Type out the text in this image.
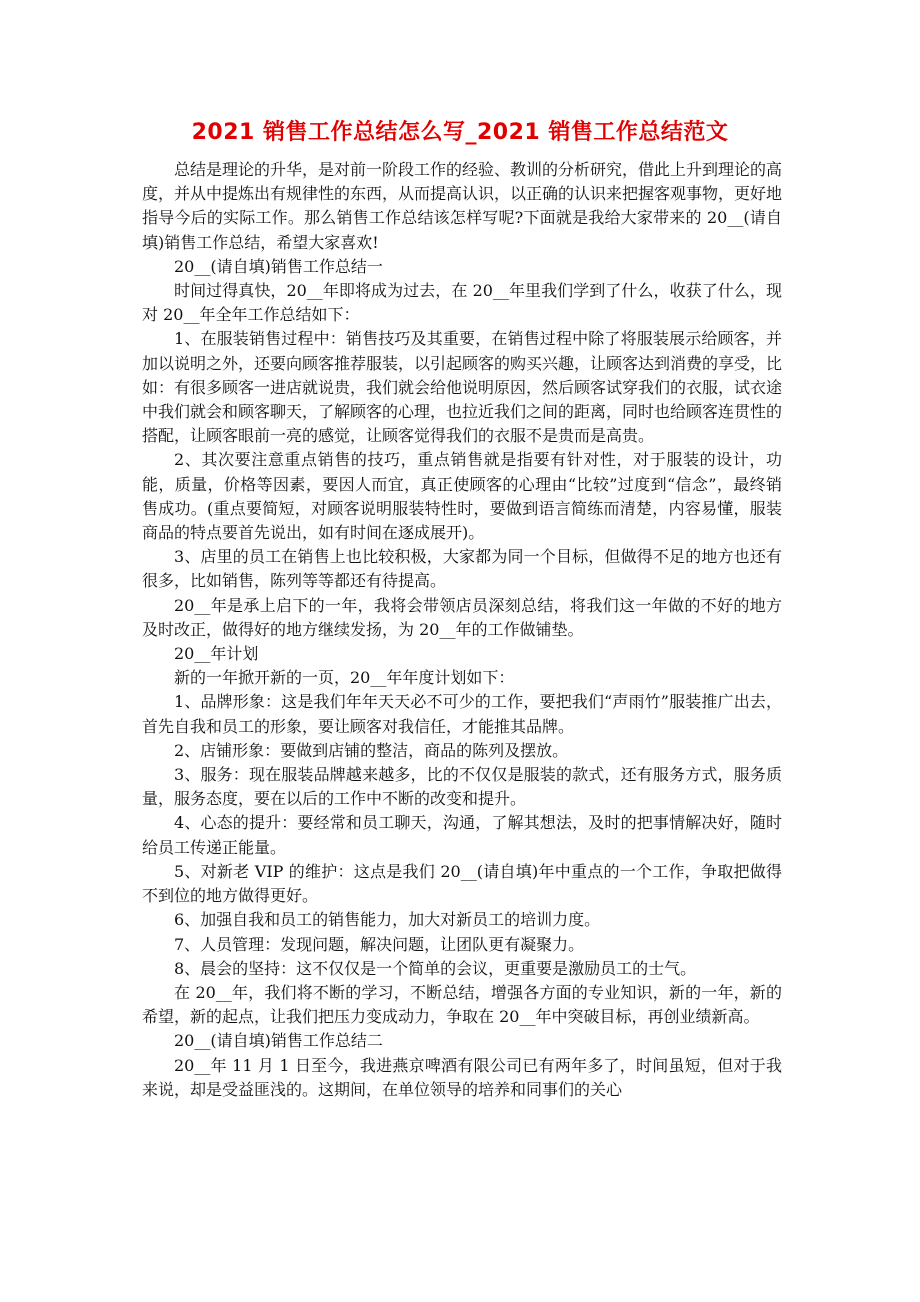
2021 销售工作总结怎么写_2021 销售工作总结范文

总结是理论的升华，是对前一阶段工作的经验、教训的分析研究，借此上升到理论的高度，并从中提炼出有规律性的东西，从而提高认识，以正确的认识来把握客观事物，更好地指导今后的实际工作。那么销售工作总结该怎样写呢?下面就是我给大家带来的 20__(请自填)销售工作总结，希望大家喜欢!

20__(请自填)销售工作总结一

时间过得真快，20__年即将成为过去，在 20__年里我们学到了什么，收获了什么，现对 20__年全年工作总结如下：

1、在服装销售过程中：销售技巧及其重要，在销售过程中除了将服装展示给顾客，并加以说明之外，还要向顾客推荐服装，以引起顾客的购买兴趣，让顾客达到消费的享受，比如：有很多顾客一进店就说贵，我们就会给他说明原因，然后顾客试穿我们的衣服，试衣途中我们就会和顾客聊天，了解顾客的心理，也拉近我们之间的距离，同时也给顾客连贯性的搭配，让顾客眼前一亮的感觉，让顾客觉得我们的衣服不是贵而是高贵。

2、其次要注意重点销售的技巧，重点销售就是指要有针对性，对于服装的设计，功能，质量，价格等因素，要因人而宜，真正使顾客的心理由“比较”过度到“信念”，最终销售成功。(重点要简短，对顾客说明服装特性时，要做到语言简练而清楚，内容易懂，服装商品的特点要首先说出，如有时间在逐成展开)。

3、店里的员工在销售上也比较积极，大家都为同一个目标，但做得不足的地方也还有很多，比如销售，陈列等等都还有待提高。

20__年是承上启下的一年，我将会带领店员深刻总结，将我们这一年做的不好的地方及时改正，做得好的地方继续发扬，为 20__年的工作做铺垫。

20__年计划

新的一年掀开新的一页，20__年年度计划如下：

1、品牌形象：这是我们年年天天必不可少的工作，要把我们“声雨竹”服装推广出去，首先自我和员工的形象，要让顾客对我信任，才能推其品牌。

2、店铺形象：要做到店铺的整洁，商品的陈列及摆放。

3、服务：现在服装品牌越来越多，比的不仅仅是服装的款式，还有服务方式，服务质量，服务态度，要在以后的工作中不断的改变和提升。

4、心态的提升：要经常和员工聊天，沟通，了解其想法，及时的把事情解决好，随时给员工传递正能量。

5、对新老 VIP 的维护：这点是我们 20__(请自填)年中重点的一个工作，争取把做得不到位的地方做得更好。

6、加强自我和员工的销售能力，加大对新员工的培训力度。

7、人员管理：发现问题，解决问题，让团队更有凝聚力。

8、晨会的坚持：这不仅仅是一个简单的会议，更重要是激励员工的士气。

在 20__年，我们将不断的学习，不断总结，增强各方面的专业知识，新的一年，新的希望，新的起点，让我们把压力变成动力，争取在 20__年中突破目标，再创业绩新高。

20__(请自填)销售工作总结二

20__年 11 月 1 日至今，我进燕京啤酒有限公司已有两年多了，时间虽短，但对于我来说，却是受益匪浅的。这期间，在单位领导的培养和同事们的关心
